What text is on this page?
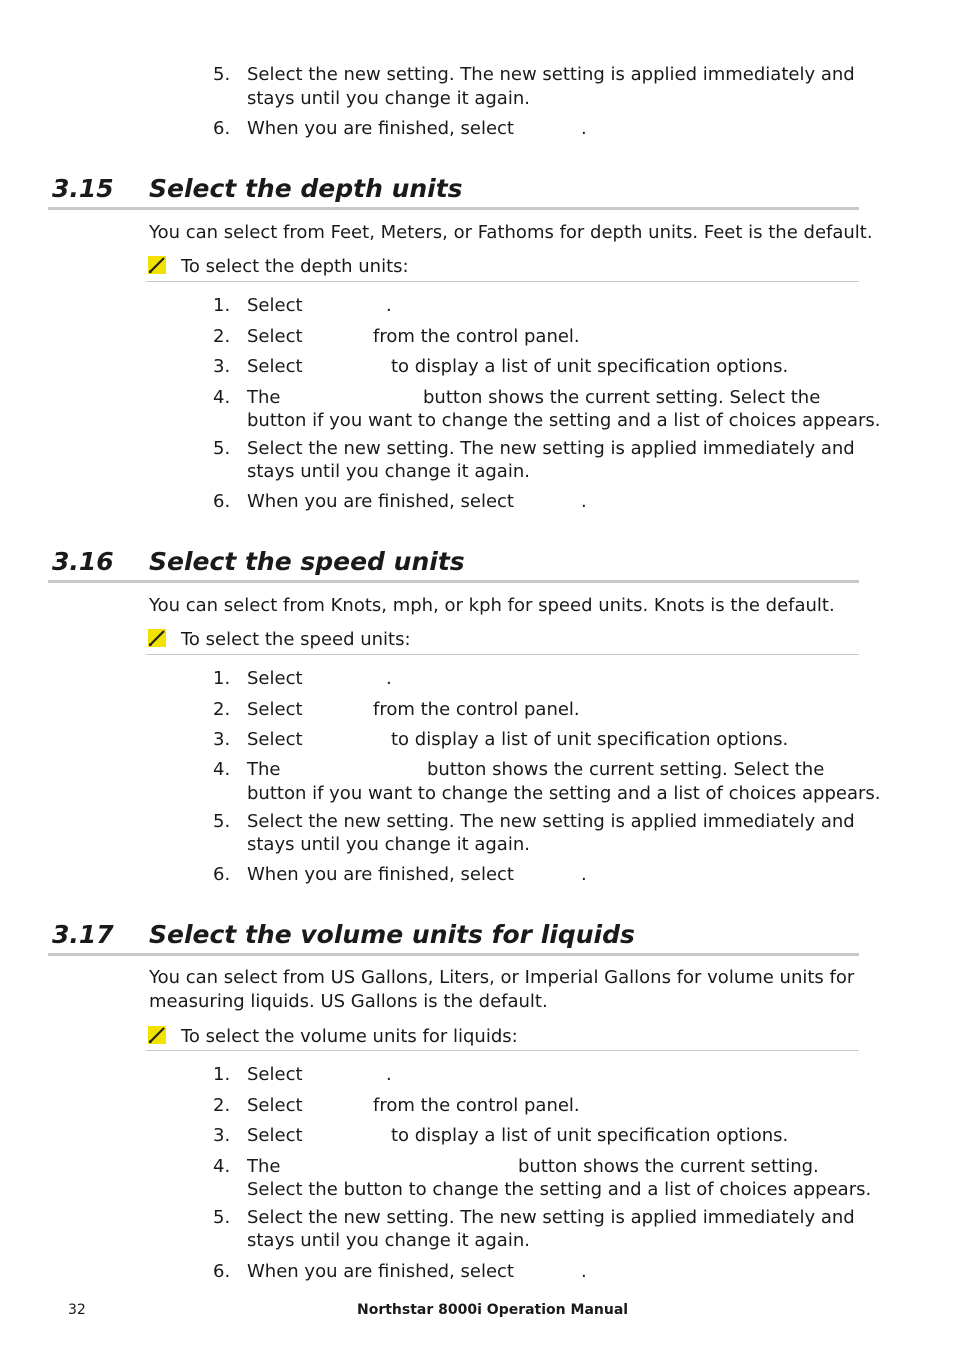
5. Select the new setting. The new setting is applied immediately and
stays until you change it again.
6. When you are finished, select	.
3.15 Select the depth units
You can select from Feet, Meters, or Fathoms for depth units. Feet is the default.
To select the depth units:
1. Select	.
2. Select	from the control panel.
3. Select	to display a list of unit specification options.
4. The	button shows the current setting. Select the
button if you want to change the setting and a list of choices appears.
5. Select the new setting. The new setting is applied immediately and
stays until you change it again.
6. When you are finished, select	.
3.16 Select the speed units
You can select from Knots, mph, or kph for speed units. Knots is the default.
To select the speed units:
1. Select	.
2. Select	from the control panel.
3. Select	to display a list of unit specification options.
4. The	button shows the current setting. Select the
button if you want to change the setting and a list of choices appears.
5. Select the new setting. The new setting is applied immediately and
stays until you change it again.
6. When you are finished, select	.
3.17 Select the volume units for liquids
You can select from US Gallons, Liters, or Imperial Gallons for volume units for
measuring liquids. US Gallons is the default.
To select the volume units for liquids:
1. Select	.
2. Select	from the control panel.
3. Select	to display a list of unit specification options.
4. The	button shows the current setting.
Select the button to change the setting and a list of choices appears.
5. Select the new setting. The new setting is applied immediately and
stays until you change it again.
6. When you are finished, select	.
32	Northstar 8000i Operation Manual
